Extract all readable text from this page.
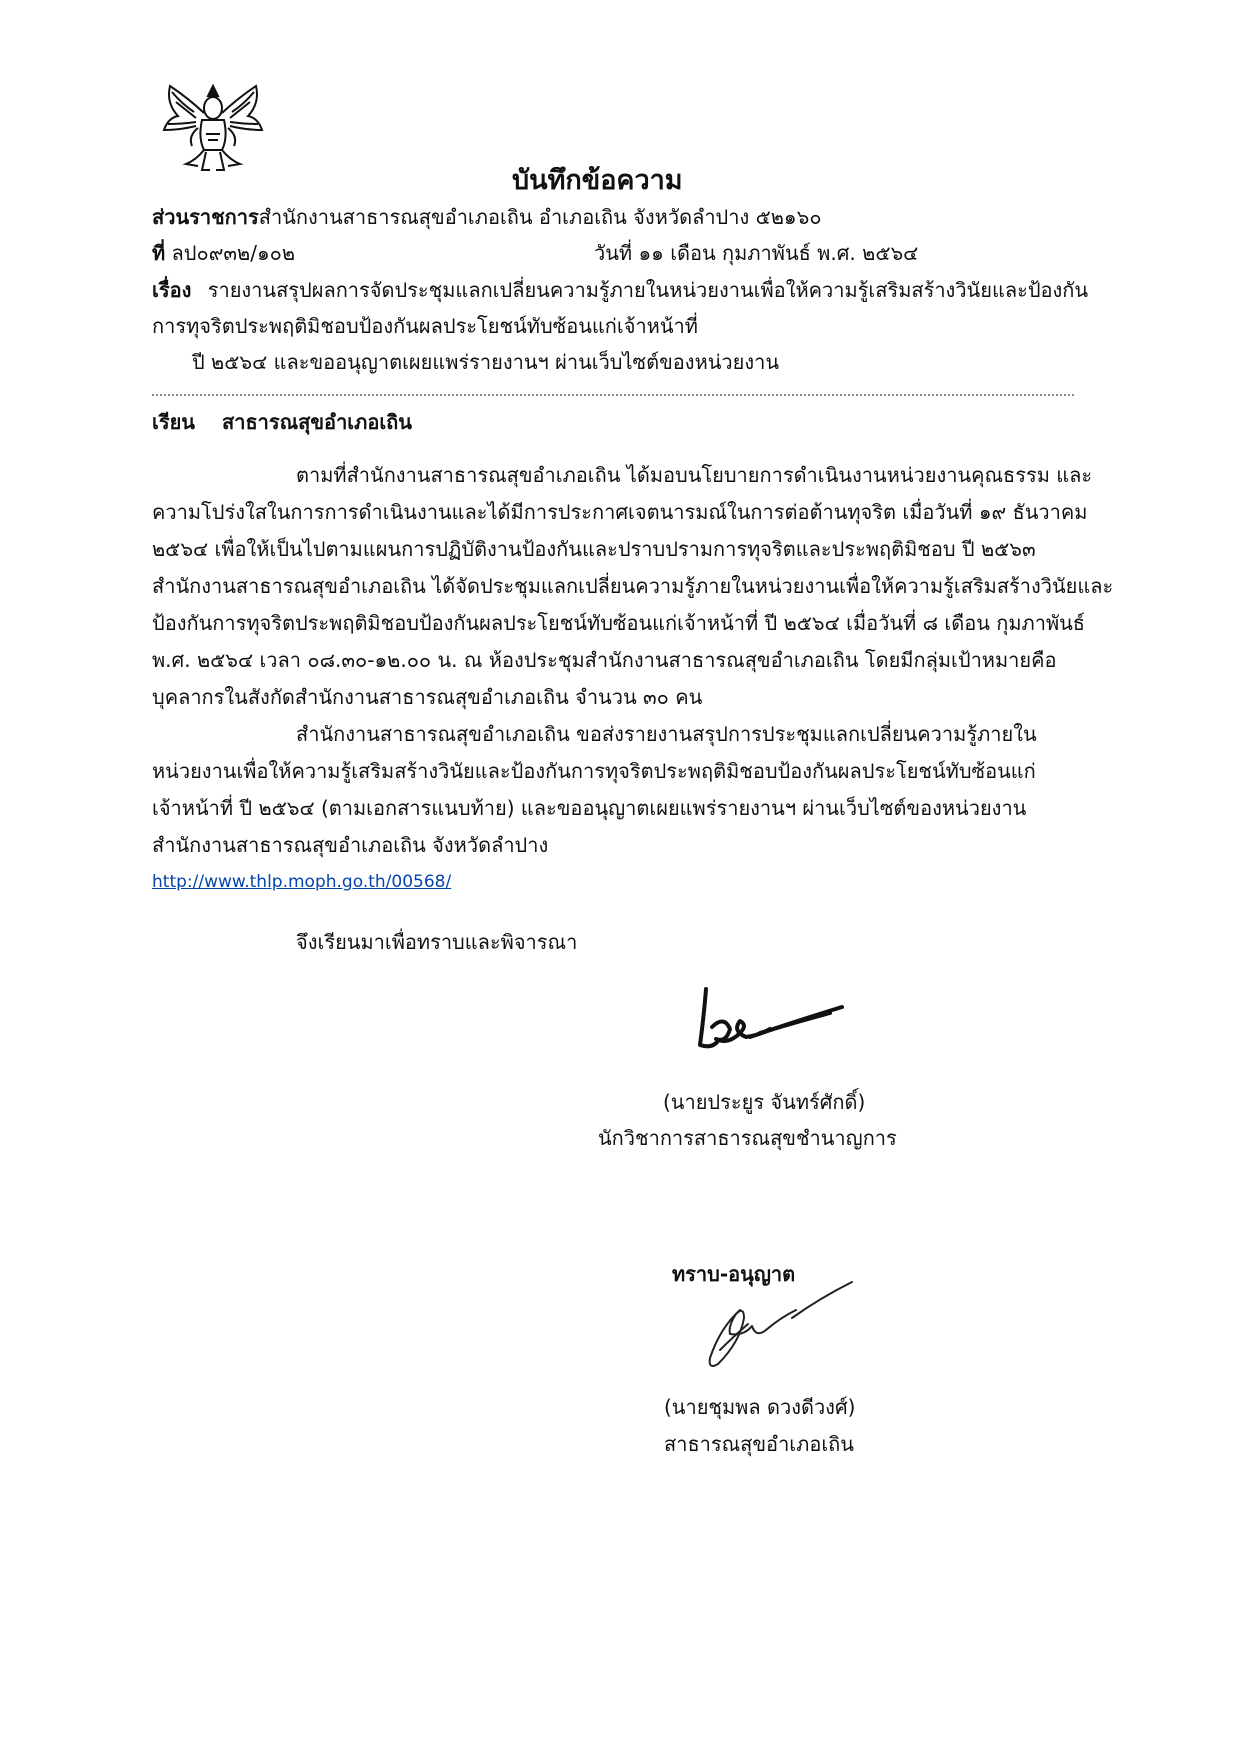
บันทึกข้อความ
ส่วนราชการสำนักงานสาธารณสุขอำเภอเถิน อำเภอเถิน จังหวัดลำปาง ๕๒๑๖๐
ที่ ลป๐๙๓๒/๑๐๒	วันที่ ๑๑ เดือน กุมภาพันธ์ พ.ศ. ๒๕๖๔
เรื่อง รายงานสรุปผลการจัดประชุมแลกเปลี่ยนความรู้ภายในหน่วยงานเพื่อให้ความรู้เสริมสร้างวินัยและป้องกัน
การทุจริตประพฤติมิชอบป้องกันผลประโยชน์ทับซ้อนแก่เจ้าหน้าที่
ปี ๒๕๖๔ และขออนุญาตเผยแพร่รายงานฯ ผ่านเว็บไซต์ของหน่วยงาน
เรียน สาธารณสุขอำเภอเถิน
ตามที่สำนักงานสาธารณสุขอำเภอเถิน ได้มอบนโยบายการดำเนินงานหน่วยงานคุณธรรม และ
ความโปร่งใสในการการดำเนินงานและได้มีการประกาศเจตนารมณ์ในการต่อต้านทุจริต เมื่อวันที่ ๑๙ ธันวาคม
๒๕๖๔ เพื่อให้เป็นไปตามแผนการปฏิบัติงานป้องกันและปราบปรามการทุจริตและประพฤติมิชอบ ปี ๒๕๖๓
สำนักงานสาธารณสุขอำเภอเถิน ได้จัดประชุมแลกเปลี่ยนความรู้ภายในหน่วยงานเพื่อให้ความรู้เสริมสร้างวินัยและ
ป้องกันการทุจริตประพฤติมิชอบป้องกันผลประโยชน์ทับซ้อนแก่เจ้าหน้าที่ ปี ๒๕๖๔ เมื่อวันที่ ๘ เดือน กุมภาพันธ์
พ.ศ. ๒๕๖๔ เวลา ๐๘.๓๐-๑๒.๐๐ น. ณ ห้องประชุมสำนักงานสาธารณสุขอำเภอเถิน โดยมีกลุ่มเป้าหมายคือ
บุคลากรในสังกัดสำนักงานสาธารณสุขอำเภอเถิน จำนวน ๓๐ คน
สำนักงานสาธารณสุขอำเภอเถิน ขอส่งรายงานสรุปการประชุมแลกเปลี่ยนความรู้ภายใน
หน่วยงานเพื่อให้ความรู้เสริมสร้างวินัยและป้องกันการทุจริตประพฤติมิชอบป้องกันผลประโยชน์ทับซ้อนแก่
เจ้าหน้าที่ ปี ๒๕๖๔ (ตามเอกสารแนบท้าย) และขออนุญาตเผยแพร่รายงานฯ ผ่านเว็บไซต์ของหน่วยงาน
สำนักงานสาธารณสุขอำเภอเถิน จังหวัดลำปาง
http://www.thlp.moph.go.th/00568/
จึงเรียนมาเพื่อทราบและพิจารณา
(นายประยูร จันทร์ศักดิ์)
นักวิชาการสาธารณสุขชำนาญการ
ทราบ-อนุญาต
(นายชุมพล ดวงดีวงศ์)
สาธารณสุขอำเภอเถิน
